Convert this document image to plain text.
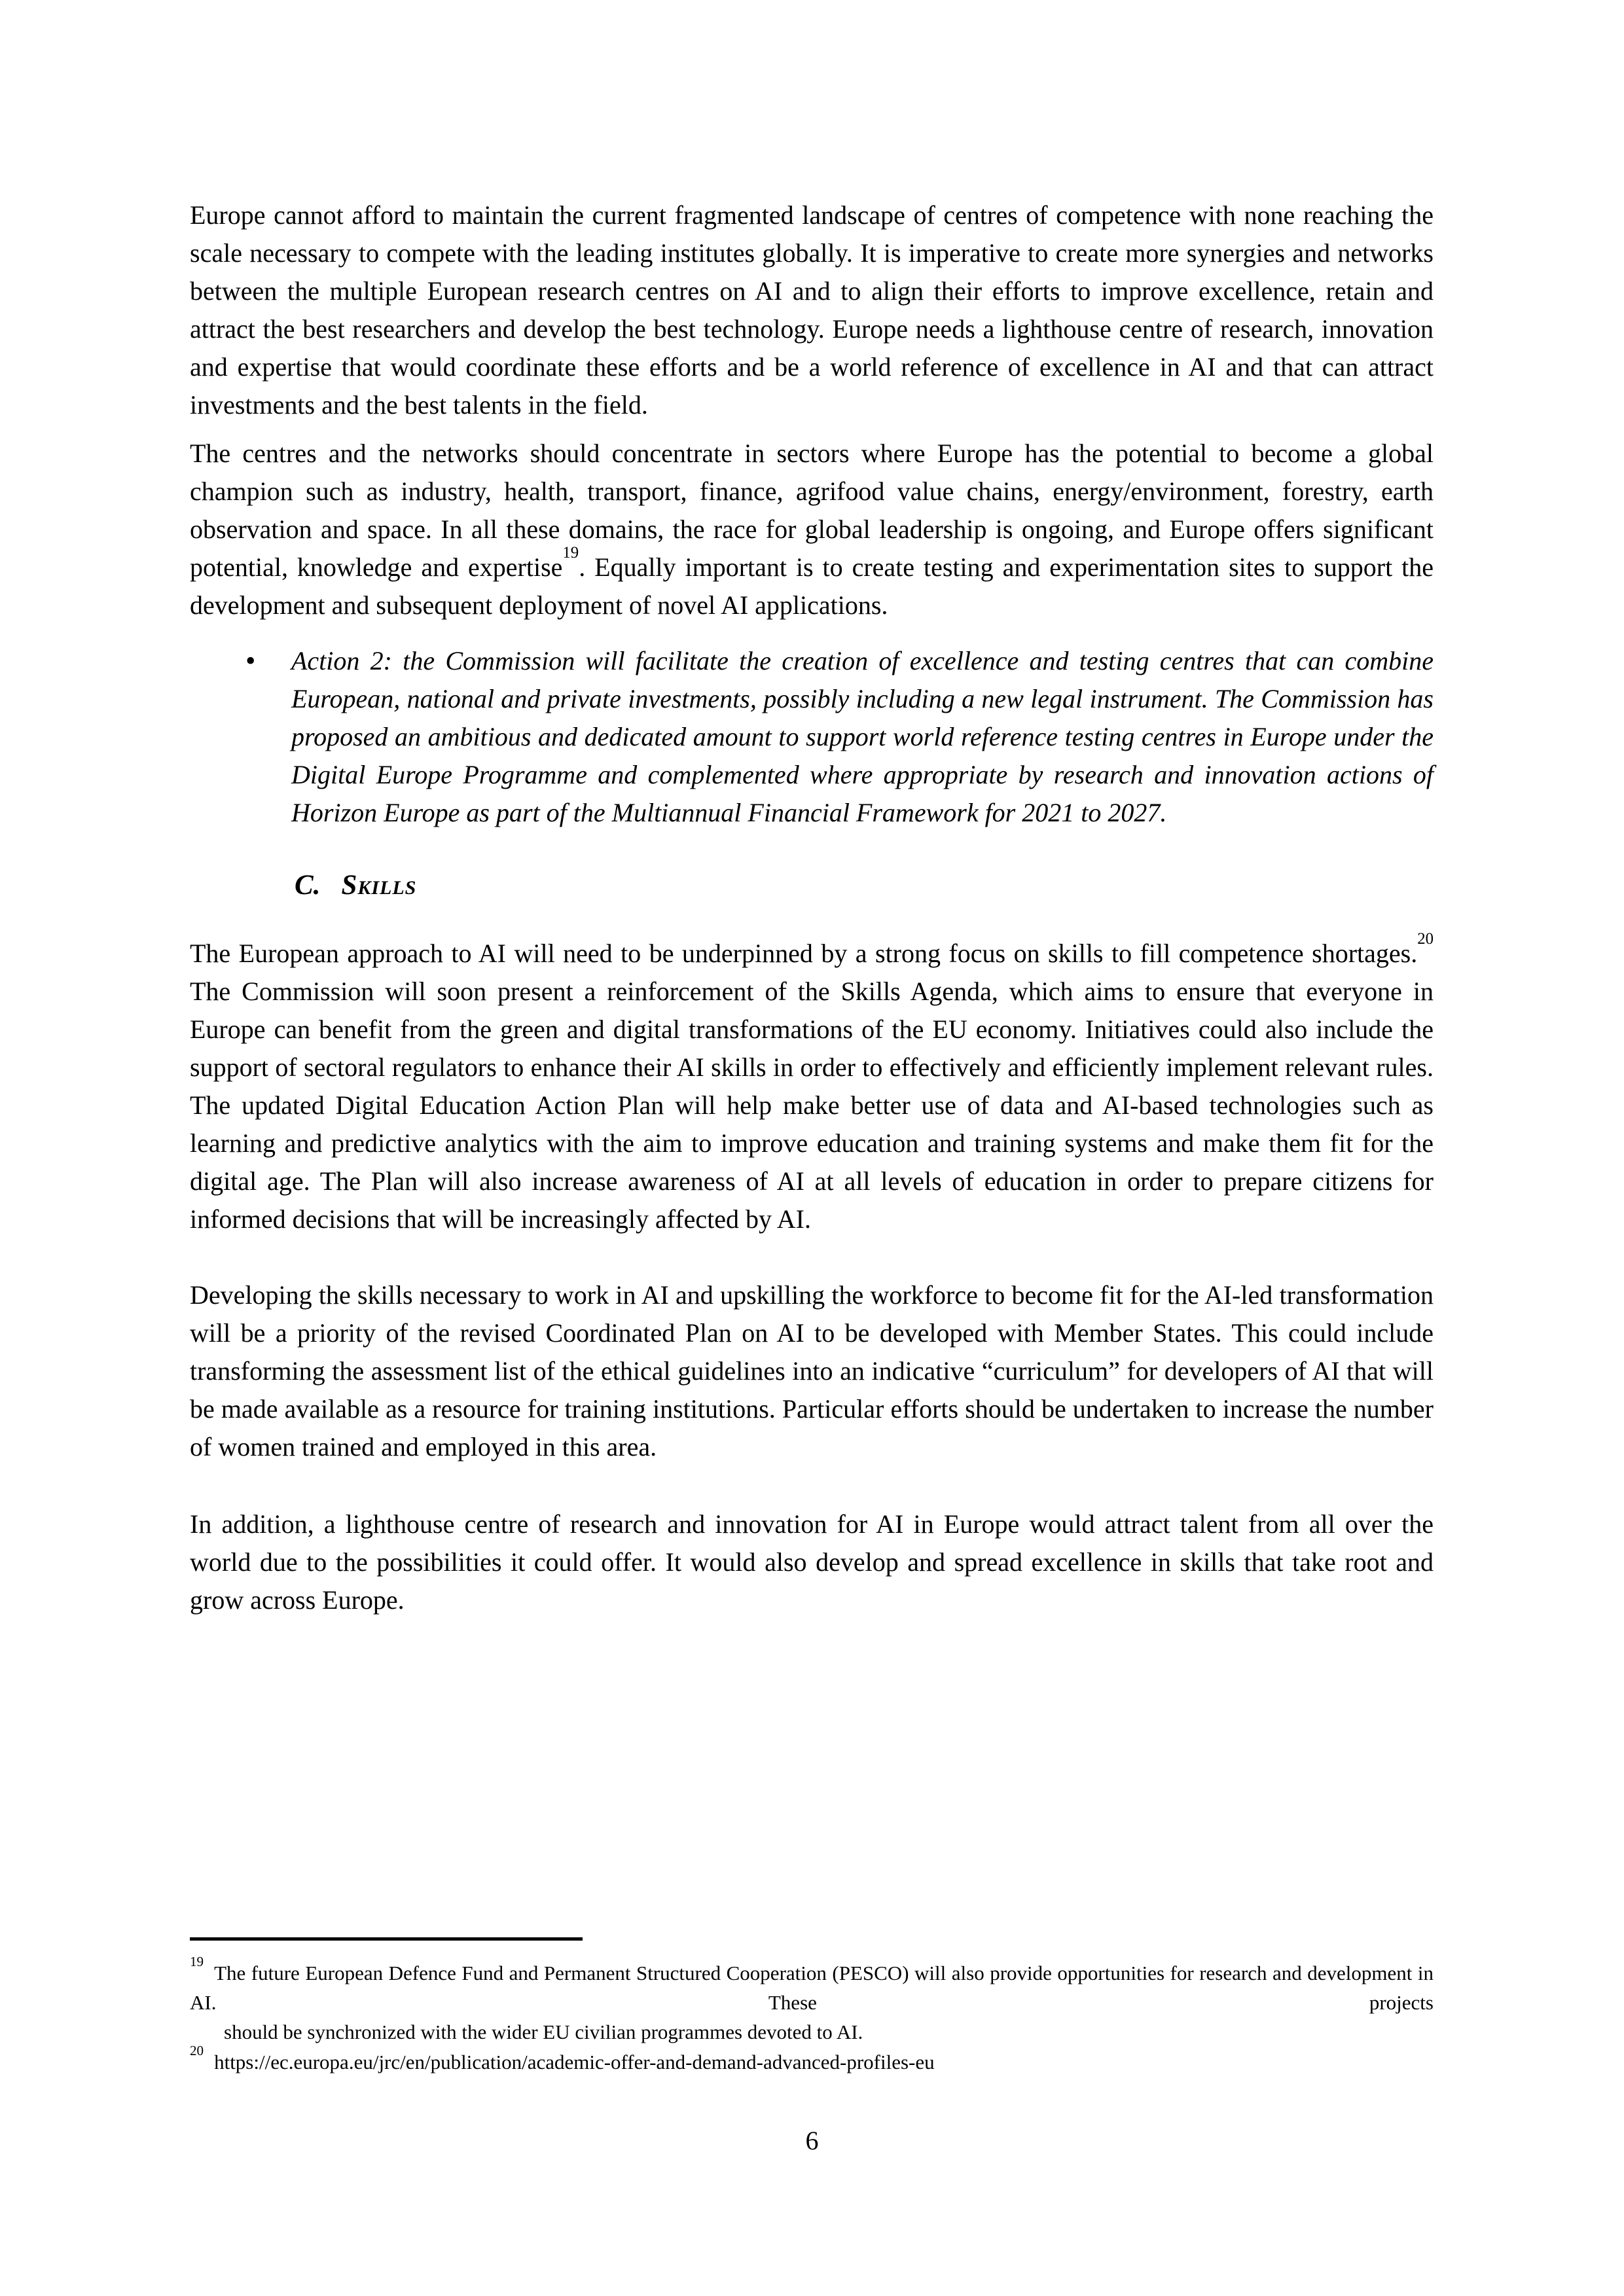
Europe cannot afford to maintain the current fragmented landscape of centres of competence with none reaching the scale necessary to compete with the leading institutes globally. It is imperative to create more synergies and networks between the multiple European research centres on AI and to align their efforts to improve excellence, retain and attract the best researchers and develop the best technology. Europe needs a lighthouse centre of research, innovation and expertise that would coordinate these efforts and be a world reference of excellence in AI and that can attract investments and the best talents in the field.

The centres and the networks should concentrate in sectors where Europe has the potential to become a global champion such as industry, health, transport, finance, agrifood value chains, energy/environment, forestry, earth observation and space. In all these domains, the race for global leadership is ongoing, and Europe offers significant potential, knowledge and expertise$^{19}$. Equally important is to create testing and experimentation sites to support the development and subsequent deployment of novel AI applications.

• Action 2: the Commission will facilitate the creation of excellence and testing centres that can combine European, national and private investments, possibly including a new legal instrument. The Commission has proposed an ambitious and dedicated amount to support world reference testing centres in Europe under the Digital Europe Programme and complemented where appropriate by research and innovation actions of Horizon Europe as part of the Multiannual Financial Framework for 2021 to 2027.
C. Skills

The European approach to AI will need to be underpinned by a strong focus on skills to fill competence shortages.$^{20}$ The Commission will soon present a reinforcement of the Skills Agenda, which aims to ensure that everyone in Europe can benefit from the green and digital transformations of the EU economy. Initiatives could also include the support of sectoral regulators to enhance their AI skills in order to effectively and efficiently implement relevant rules. The updated Digital Education Action Plan will help make better use of data and AI-based technologies such as learning and predictive analytics with the aim to improve education and training systems and make them fit for the digital age. The Plan will also increase awareness of AI at all levels of education in order to prepare citizens for informed decisions that will be increasingly affected by AI.

Developing the skills necessary to work in AI and upskilling the workforce to become fit for the AI-led transformation will be a priority of the revised Coordinated Plan on AI to be developed with Member States. This could include transforming the assessment list of the ethical guidelines into an indicative “curriculum” for developers of AI that will be made available as a resource for training institutions. Particular efforts should be undertaken to increase the number of women trained and employed in this area.

In addition, a lighthouse centre of research and innovation for AI in Europe would attract talent from all over the world due to the possibilities it could offer. It would also develop and spread excellence in skills that take root and grow across Europe.

$^{19}$ The future European Defence Fund and Permanent Structured Cooperation (PESCO) will also provide opportunities for research and development in AI. These projects
should be synchronized with the wider EU civilian programmes devoted to AI.
$^{20}$ https://ec.europa.eu/jrc/en/publication/academic-offer-and-demand-advanced-profiles-eu
6
